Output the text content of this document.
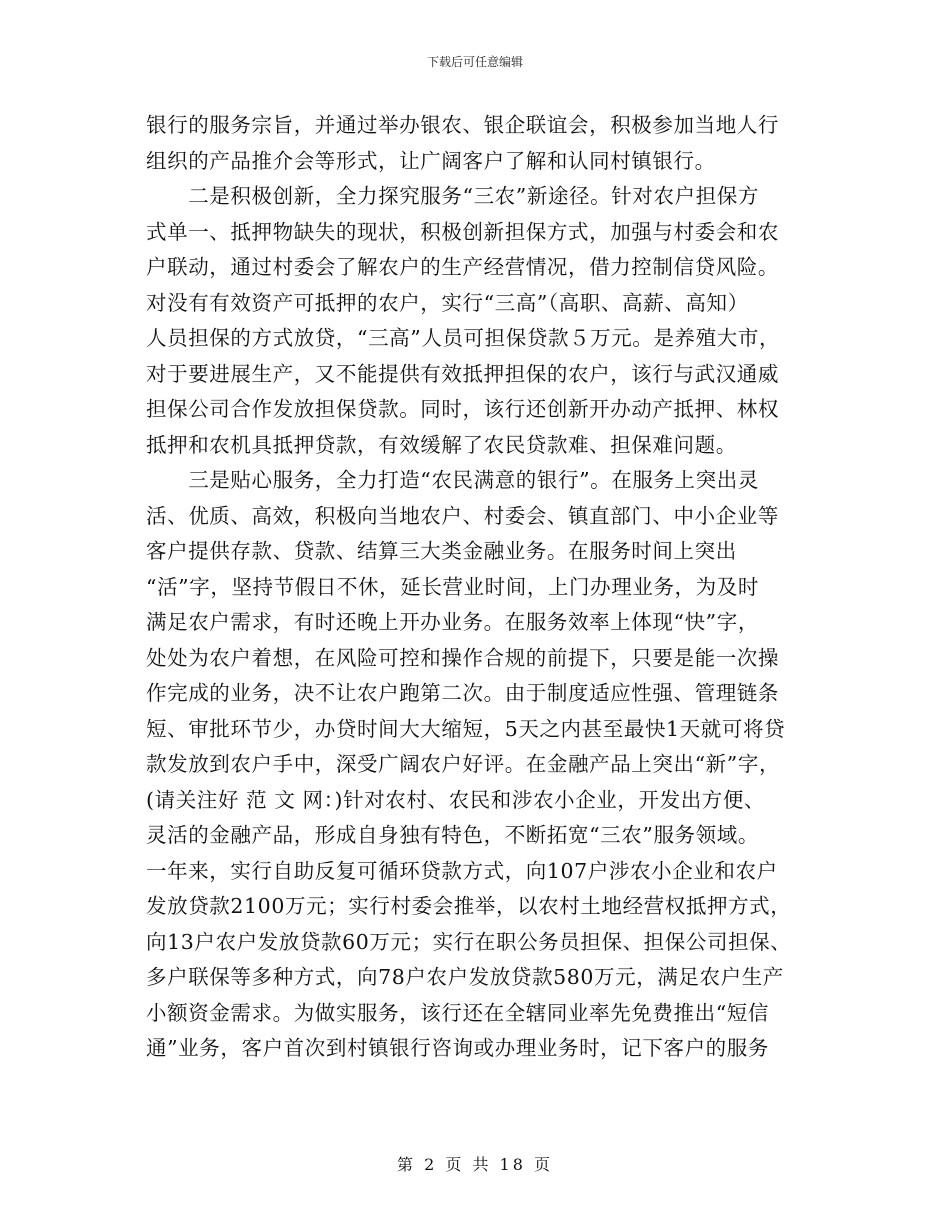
下载后可任意编辑
银行的服务宗旨，并通过举办银农、银企联谊会，积极参加当地人行
组织的产品推介会等形式，让广阔客户了解和认同村镇银行。
　　二是积极创新，全力探究服务“三农”新途径。针对农户担保方
式单一、抵押物缺失的现状，积极创新担保方式，加强与村委会和农
户联动，通过村委会了解农户的生产经营情况，借力控制信贷风险。
对没有有效资产可抵押的农户，实行“三高”（高职、高薪、高知）
人员担保的方式放贷，“三高”人员可担保贷款５万元。是养殖大市，
对于要进展生产，又不能提供有效抵押担保的农户，该行与武汉通威
担保公司合作发放担保贷款。同时，该行还创新开办动产抵押、林权
抵押和农机具抵押贷款，有效缓解了农民贷款难、担保难问题。
　　三是贴心服务，全力打造“农民满意的银行”。在服务上突出灵
活、优质、高效，积极向当地农户、村委会、镇直部门、中小企业等
客户提供存款、贷款、结算三大类金融业务。在服务时间上突出
“活”字，坚持节假日不休，延长营业时间，上门办理业务，为及时
满足农户需求，有时还晚上开办业务。在服务效率上体现“快”字，
处处为农户着想，在风险可控和操作合规的前提下，只要是能一次操
作完成的业务，决不让农户跑第二次。由于制度适应性强、管理链条
短、审批环节少，办贷时间大大缩短，5天之内甚至最快1天就可将贷
款发放到农户手中，深受广阔农户好评。在金融产品上突出“新”字，
(请关注好 范 文 网：)针对农村、农民和涉农小企业，开发出方便、
灵活的金融产品，形成自身独有特色，不断拓宽“三农”服务领域。
一年来，实行自助反复可循环贷款方式，向107户涉农小企业和农户
发放贷款2100万元；实行村委会推举，以农村土地经营权抵押方式，
向13户农户发放贷款60万元；实行在职公务员担保、担保公司担保、
多户联保等多种方式，向78户农户发放贷款580万元，满足农户生产
小额资金需求。为做实服务，该行还在全辖同业率先免费推出“短信
通”业务，客户首次到村镇银行咨询或办理业务时，记下客户的服务
第 2 页 共 18 页
